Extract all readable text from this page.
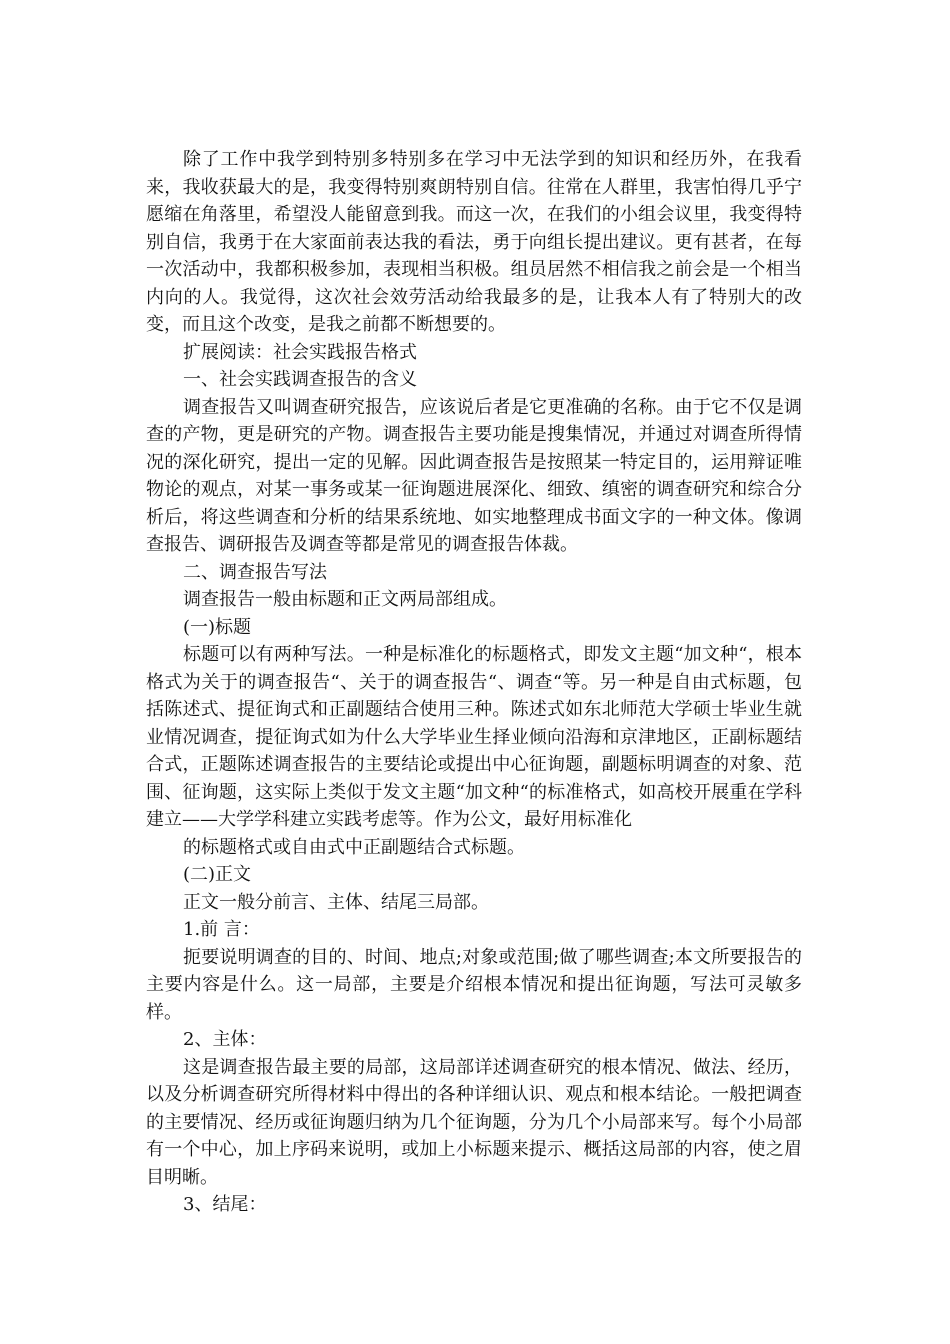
除了工作中我学到特别多特别多在学习中无法学到的知识和经历外，在我看来，我收获最大的是，我变得特别爽朗特别自信。往常在人群里，我害怕得几乎宁愿缩在角落里，希望没人能留意到我。而这一次，在我们的小组会议里，我变得特别自信，我勇于在大家面前表达我的看法，勇于向组长提出建议。更有甚者，在每一次活动中，我都积极参加，表现相当积极。组员居然不相信我之前会是一个相当内向的人。我觉得，这次社会效劳活动给我最多的是，让我本人有了特别大的改变，而且这个改变，是我之前都不断想要的。

扩展阅读：社会实践报告格式

一、社会实践调查报告的含义

调查报告又叫调查研究报告，应该说后者是它更准确的名称。由于它不仅是调查的产物，更是研究的产物。调查报告主要功能是搜集情况，并通过对调查所得情况的深化研究，提出一定的见解。因此调查报告是按照某一特定目的，运用辩证唯物论的观点，对某一事务或某一征询题进展深化、细致、缜密的调查研究和综合分析后，将这些调查和分析的结果系统地、如实地整理成书面文字的一种文体。像调查报告、调研报告及调查等都是常见的调查报告体裁。

二、调查报告写法

调查报告一般由标题和正文两局部组成。

(一)标题

标题可以有两种写法。一种是标准化的标题格式，即发文主题“加文种“，根本格式为关于的调查报告“、关于的调查报告“、调查“等。另一种是自由式标题，包括陈述式、提征询式和正副题结合使用三种。陈述式如东北师范大学硕士毕业生就业情况调查，提征询式如为什么大学毕业生择业倾向沿海和京津地区，正副标题结合式，正题陈述调查报告的主要结论或提出中心征询题，副题标明调查的对象、范围、征询题，这实际上类似于发文主题“加文种“的标准格式，如高校开展重在学科建立——大学学科建立实践考虑等。作为公文，最好用标准化

的标题格式或自由式中正副题结合式标题。

(二)正文

正文一般分前言、主体、结尾三局部。

1.前 言：

扼要说明调查的目的、时间、地点;对象或范围;做了哪些调查;本文所要报告的主要内容是什么。这一局部，主要是介绍根本情况和提出征询题，写法可灵敏多样。

2、主体：

这是调查报告最主要的局部，这局部详述调查研究的根本情况、做法、经历，以及分析调查研究所得材料中得出的各种详细认识、观点和根本结论。一般把调查的主要情况、经历或征询题归纳为几个征询题，分为几个小局部来写。每个小局部有一个中心，加上序码来说明，或加上小标题来提示、概括这局部的内容，使之眉目明晰。

3、结尾：
